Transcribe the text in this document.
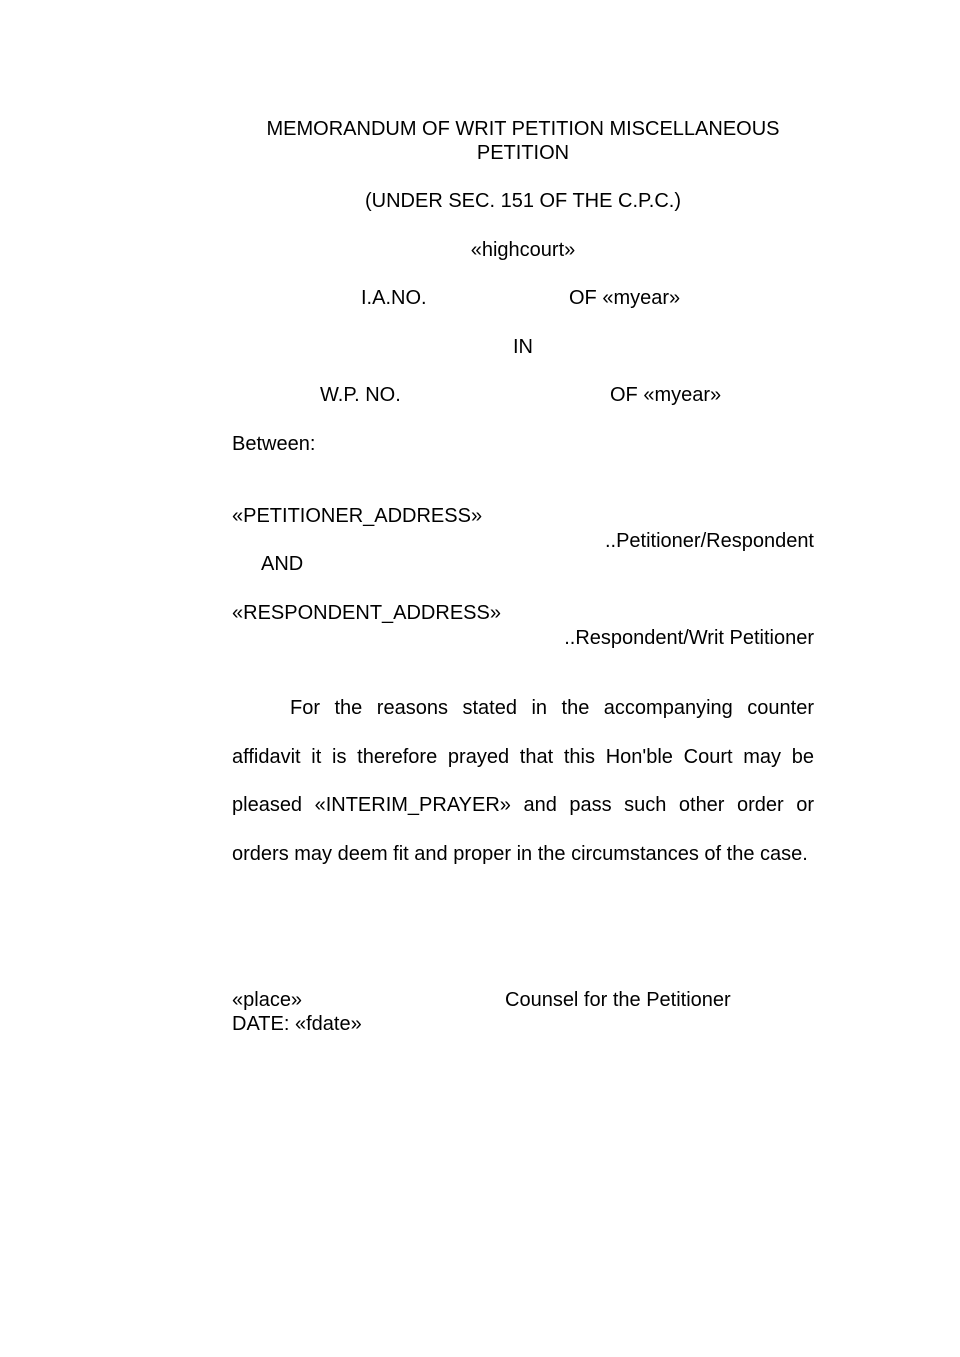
MEMORANDUM OF WRIT PETITION MISCELLANEOUS
PETITION
(UNDER SEC. 151 OF THE C.P.C.)
«highcourt»
I.A.NO.	OF «myear»
IN
W.P. NO.	OF «myear»
Between:
«PETITIONER_ADDRESS»
..Petitioner/Respondent
AND
«RESPONDENT_ADDRESS»
..Respondent/Writ Petitioner

For the reasons stated in the accompanying counter affidavit it is therefore prayed that this Hon'ble Court may be pleased «INTERIM_PRAYER» and pass such other order or orders may deem fit and proper in the circumstances of the case.

«place»	Counsel for the Petitioner
DATE: «fdate»
